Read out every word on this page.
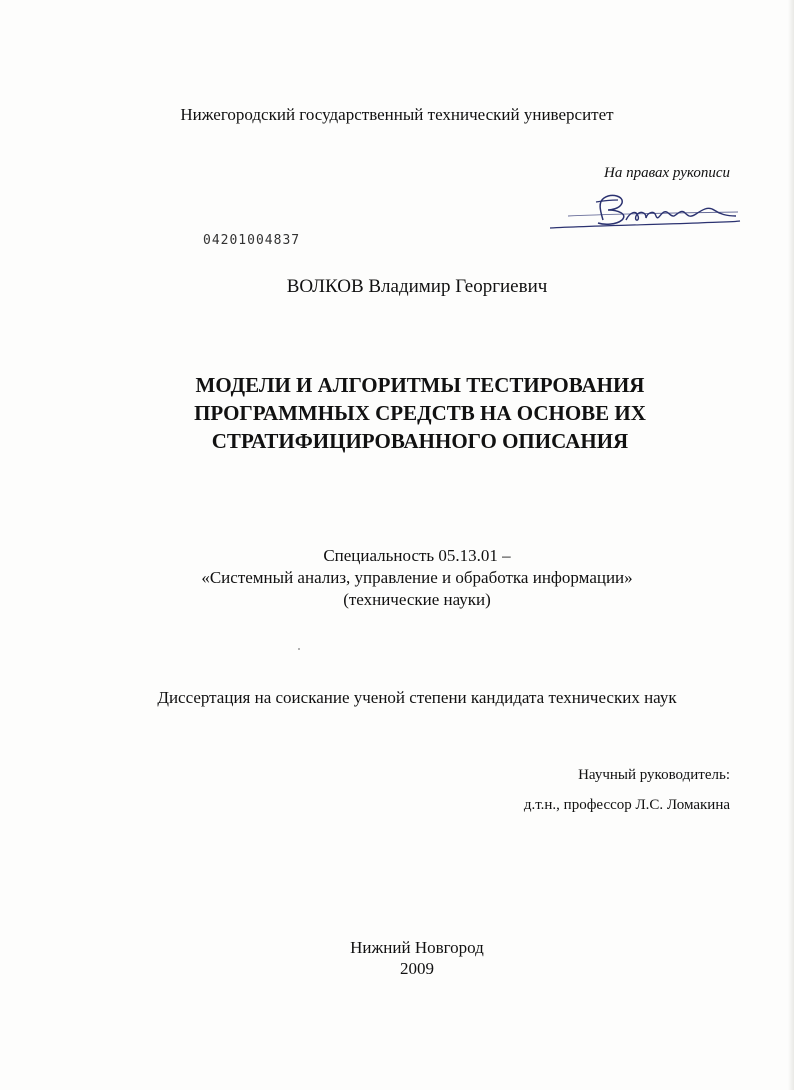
Нижегородский государственный технический университет
На правах рукописи
04201004837
ВОЛКОВ Владимир Георгиевич
МОДЕЛИ И АЛГОРИТМЫ ТЕСТИРОВАНИЯ
ПРОГРАММНЫХ СРЕДСТВ НА ОСНОВЕ ИХ
СТРАТИФИЦИРОВАННОГО ОПИСАНИЯ
Специальность 05.13.01 –
«Системный анализ, управление и обработка информации»
(технические науки)
Диссертация на соискание ученой степени кандидата технических наук
Научный руководитель:
д.т.н., профессор Л.С. Ломакина
Нижний Новгород
2009
